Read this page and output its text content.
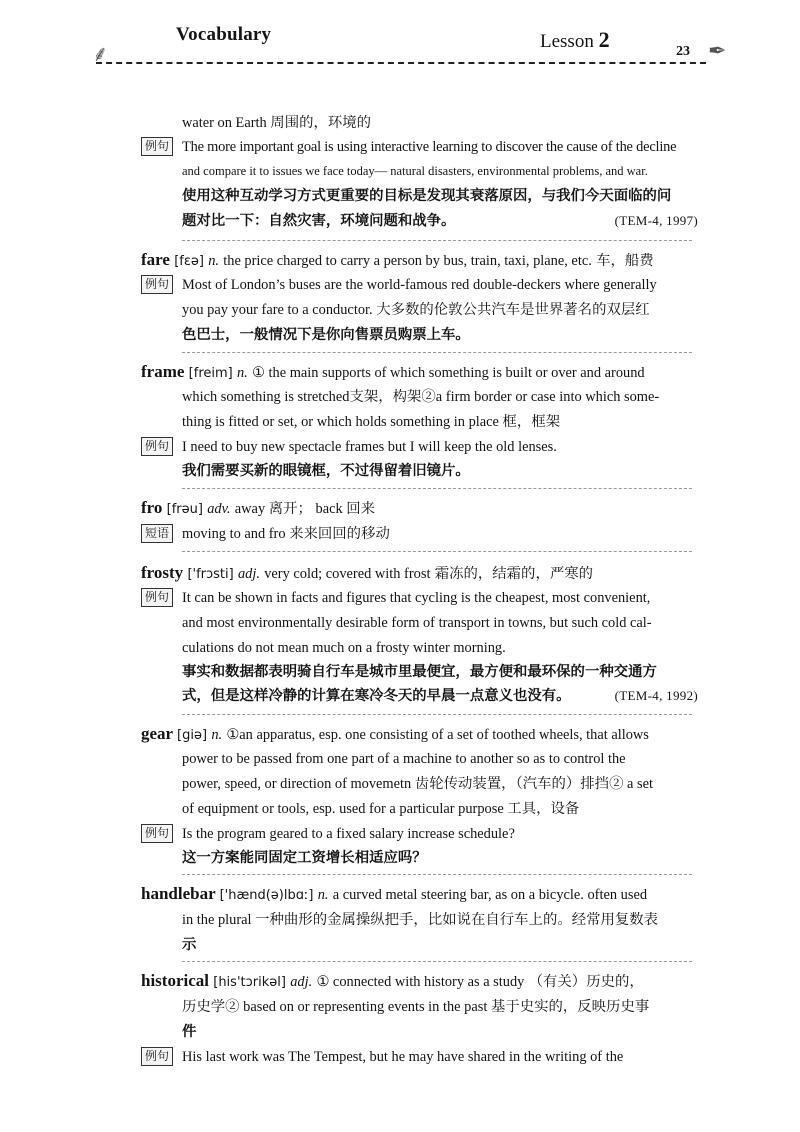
⸙	✒
Vocabulary	Lesson 2	23
water on Earth 周围的，环境的
例句 The more important goal is using interactive learning to discover the cause of the decline
and compare it to issues we face today— natural disasters, environmental problems, and war.
使用这种互动学习方式更重要的目标是发现其衰落原因，与我们今天面临的问
题对比一下：自然灾害，环境问题和战争。	(TEM-4, 1997)
fare [fɛə] n. the price charged to carry a person by bus, train, taxi, plane, etc. 车，船费
例句 Most of London’s buses are the world-famous red double-deckers where generally
you pay your fare to a conductor. 大多数的伦敦公共汽车是世界著名的双层红
色巴士，一般情况下是你向售票员购票上车。
frame [freim] n. ① the main supports of which something is built or over and around
which something is stretched支架，构架②a firm border or case into which some-
thing is fitted or set, or which holds something in place 框，框架
例句 I need to buy new spectacle frames but I will keep the old lenses.
我们需要买新的眼镜框，不过得留着旧镜片。
fro [frəu] adv. away 离开； back 回来
短语 moving to and fro 来来回回的移动
frosty ['frɔsti] adj. very cold; covered with frost 霜冻的，结霜的，严寒的
例句 It can be shown in facts and figures that cycling is the cheapest, most convenient,
and most environmentally desirable form of transport in towns, but such cold cal-
culations do not mean much on a frosty winter morning.
事实和数据都表明骑自行车是城市里最便宜，最方便和最环保的一种交通方
式，但是这样冷静的计算在寒冷冬天的早晨一点意义也没有。	(TEM-4, 1992)
gear [giə] n. ①an apparatus, esp. one consisting of a set of toothed wheels, that allows
power to be passed from one part of a machine to another so as to control the
power, speed, or direction of movemetn 齿轮传动装置，（汽车的）排挡② a set
of equipment or tools, esp. used for a particular purpose 工具，设备
例句 Is the program geared to a fixed salary increase schedule?
这一方案能同固定工资增长相适应吗？
handlebar ['hænd(ə)lbɑː] n. a curved metal steering bar, as on a bicycle. often used
in the plural 一种曲形的金属操纵把手，比如说在自行车上的。经常用复数表
示
historical [his'tɔrikəl] adj. ① connected with history as a study （有关）历史的，
历史学② based on or representing events in the past 基于史实的，反映历史事
件
例句 His last work was The Tempest, but he may have shared in the writing of the
